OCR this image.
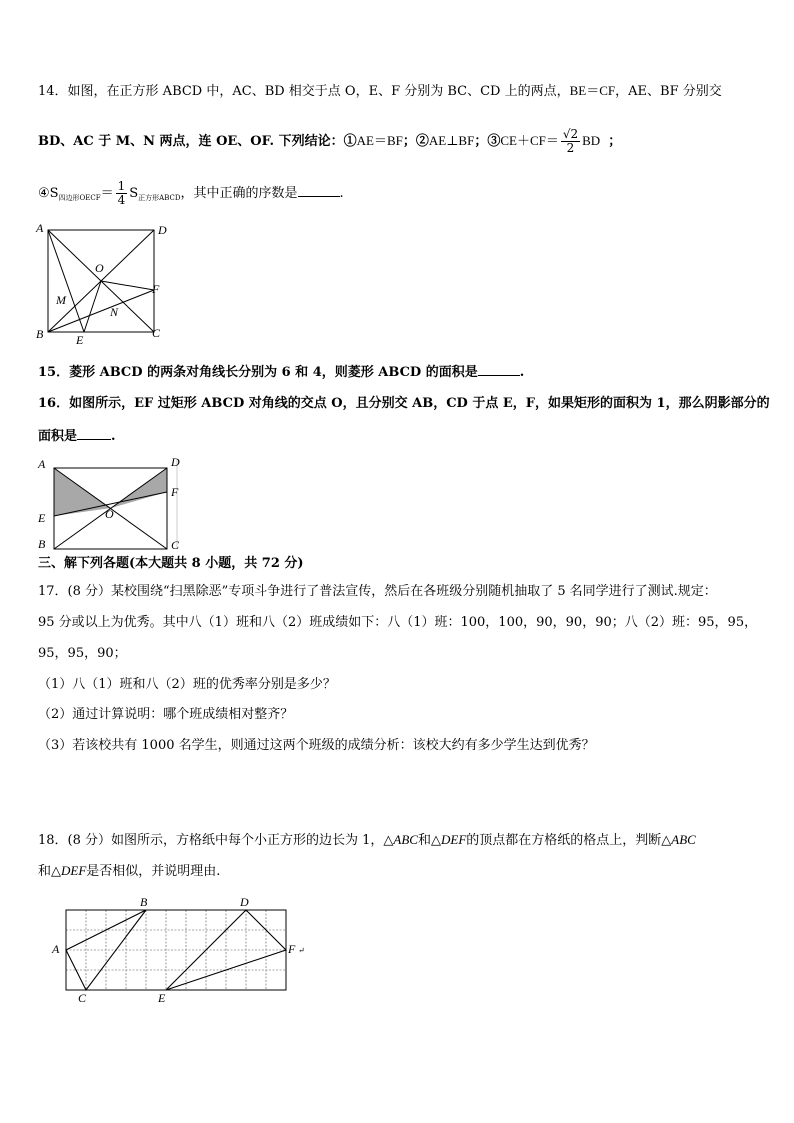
14．如图，在正方形 ABCD 中，AC、BD 相交于点 O，E、F 分别为 BC、CD 上的两点，BE＝CF，AE、BF 分别交
BD、AC 于 M、N 两点，连 OE、OF. 下列结论：①AE＝BF；②AE⊥BF；③CE＋CF＝ $\frac{√2}{2}$ BD ；
$④S_{四边形OECF}= \frac{1}{4} S_{正方形ABCD}$，其中正确的序数是	.
A	D
B	C
O
M
N
E
F
15．菱形 ABCD 的两条对角线长分别为 6 和 4，则菱形 ABCD 的面积是	.
16．如图所示，EF 过矩形 ABCD 对角线的交点 O，且分别交 AB，CD 于点 E，F，如果矩形的面积为 1，那么阴影部分的
面积是	.
A	D
F
E	O
B	C
三、解下列各题(本大题共 8 小题，共 72 分)
17．(8 分）某校围绕“扫黑除恶”专项斗争进行了普法宣传，然后在各班级分别随机抽取了 5 名同学进行了测试.规定：
95 分或以上为优秀。其中八（1）班和八（2）班成绩如下：八（1）班：100，100，90，90，90；八（2）班：95，95，
95，95，90；
（1）八（1）班和八（2）班的优秀率分别是多少？
（2）通过计算说明：哪个班成绩相对整齐？
（3）若该校共有 1000 名学生，则通过这两个班级的成绩分析：该校大约有多少学生达到优秀？
18．(8 分）如图所示，方格纸中每个小正方形的边长为 1，△ABC和△DEF的顶点都在方格纸的格点上，判断△ABC
和△DEF是否相似，并说明理由.
A
B
C
D
E
F ↵
